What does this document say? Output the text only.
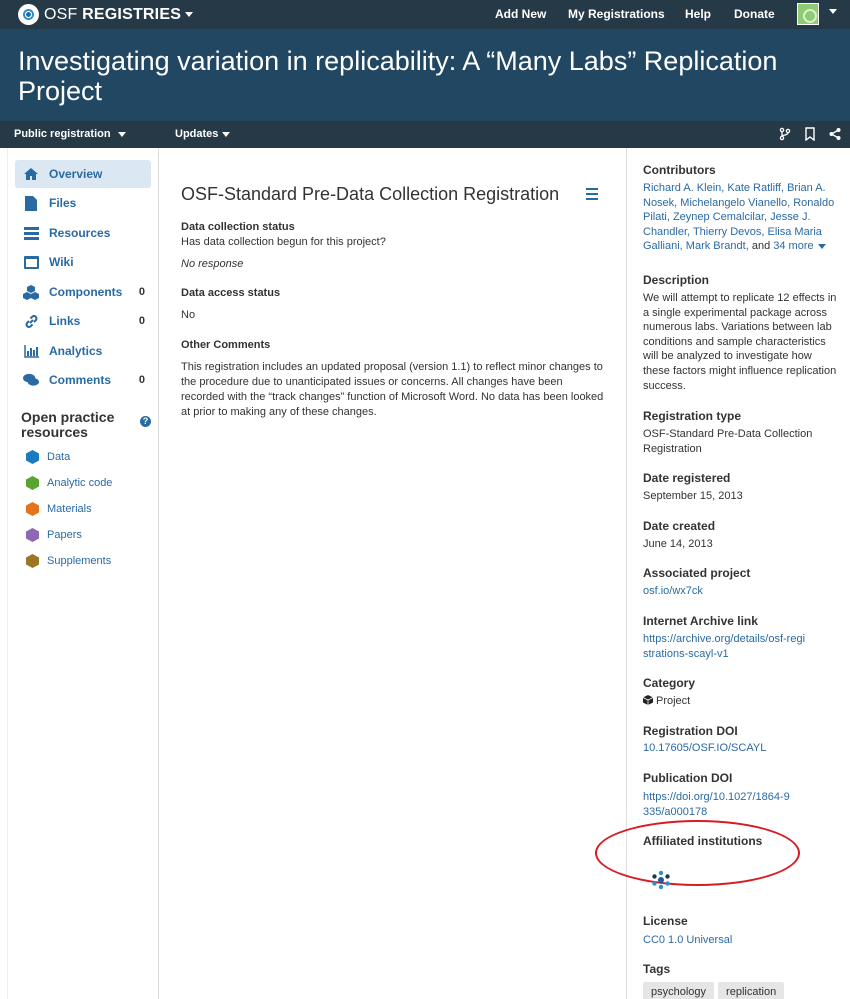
OSF REGISTRIES	Add New My Registrations Help Donate
Investigating variation in replicability: A “Many Labs” Replication Project
Public registration	Updates
Overview
Files
Resources
Wiki
Components 0
Links	0
Analytics
Comments	0
Open practice resources
?
Data
Analytic code
Materials
Papers
Supplements
OSF-Standard Pre-Data Collection Registration
Data collection status
Has data collection begun for this project?
No response
Data access status
No
Other Comments
This registration includes an updated proposal (version 1.1) to reflect minor changes to the procedure due to unanticipated issues or concerns. All changes have been recorded with the “track changes” function of Microsoft Word. No data has been looked at prior to making any of these changes.
Contributors
Richard A. Klein, Kate Ratliff, Brian A. Nosek, Michelangelo Vianello, Ronaldo Pilati, Zeynep Cemalcilar, Jesse J. Chandler, Thierry Devos, Elisa Maria Galliani, Mark Brandt, and 34 more
Description
We will attempt to replicate 12 effects in a single experimental package across numerous labs. Variations between lab conditions and sample characteristics will be analyzed to investigate how these factors might influence replication success.
Registration type
OSF-Standard Pre-Data Collection Registration
Date registered
September 15, 2013
Date created
June 14, 2013
Associated project
osf.io/wx7ck
Internet Archive link
https://archive.org/details/osf-registrations-scayl-v1
Category
Project
Registration DOI
10.17605/OSF.IO/SCAYL
Publication DOI
https://doi.org/10.1027/1864-9335/a000178
Affiliated institutions
License
CC0 1.0 Universal
Tags
psychology replication
